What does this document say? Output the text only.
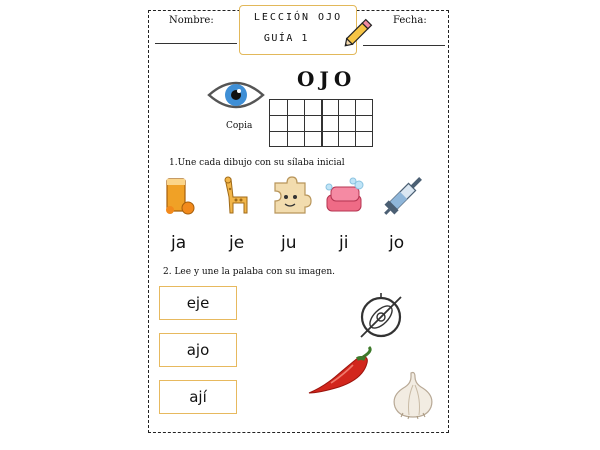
Nombre:	Fecha:
LECCIÓN OJO
GUÍA 1
OJO
Copia
1.Une cada dibujo con su sílaba inicial
ja	je ju	ji jo
2. Lee y une la palaba con su imagen.
eje
ajo
ají
